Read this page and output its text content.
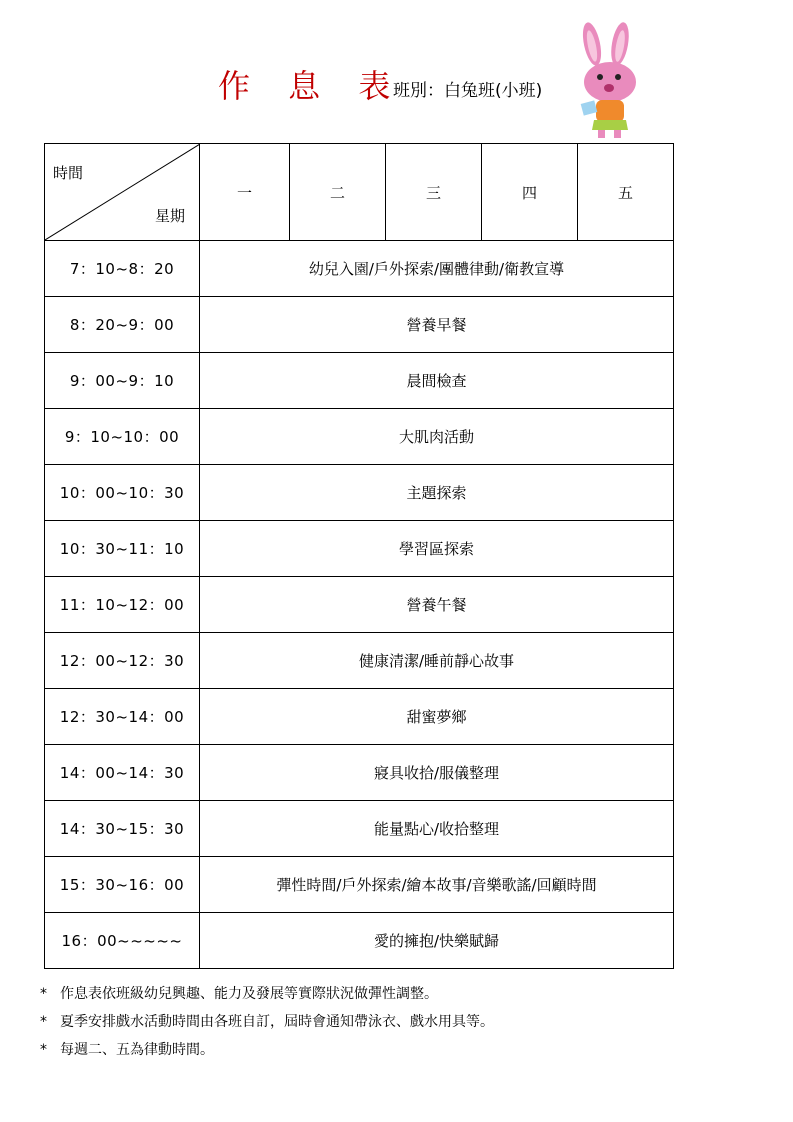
作 息 表
班別：白兔班(小班)
時間
星期	一	二	三	四	五
7：10~8：20	幼兒入園/戶外探索/團體律動/衛教宣導				
8：20~9：00	營養早餐				
9：00~9：10	晨間檢查				
9：10~10：00	大肌肉活動				
10：00~10：30	主題探索				
10：30~11：10	學習區探索				
11：10~12：00	營養午餐				
12：00~12：30	健康清潔/睡前靜心故事				
12：30~14：00	甜蜜夢鄉				
14：00~14：30	寢具收拾/服儀整理				
14：30~15：30	能量點心/收拾整理				
15：30~16：00	彈性時間/戶外探索/繪本故事/音樂歌謠/回顧時間				
16：00~~~~~	愛的擁抱/快樂賦歸				
* 作息表依班級幼兒興趣、能力及發展等實際狀況做彈性調整。
* 夏季安排戲水活動時間由各班自訂，屆時會通知帶泳衣、戲水用具等。
* 每週二、五為律動時間。
